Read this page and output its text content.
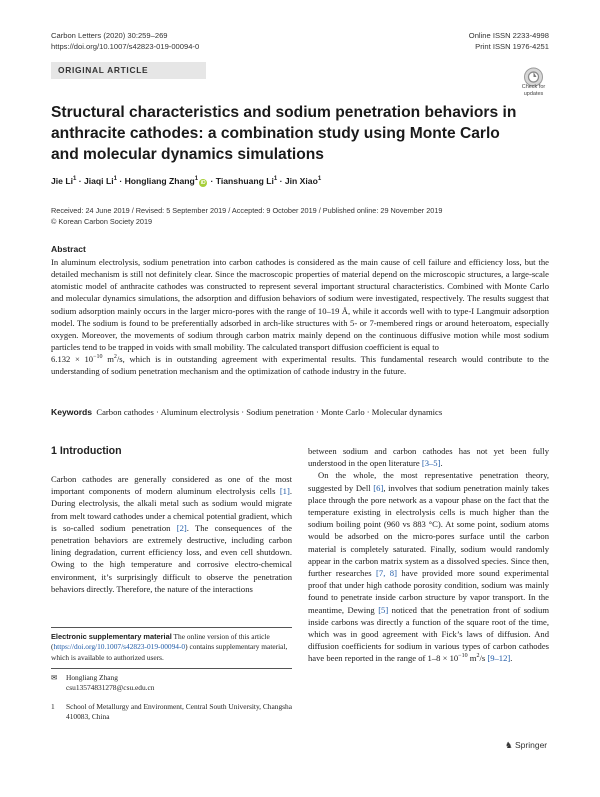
Carbon Letters (2020) 30:259–269
https://doi.org/10.1007/s42823-019-00094-0
Online ISSN 2233-4998
Print ISSN 1976-4251
ORIGINAL ARTICLE
Check for updates
Structural characteristics and sodium penetration behaviors in anthracite cathodes: a combination study using Monte Carlo and molecular dynamics simulations
Jie $Li^1$ · Jiaqi $Li^1$ · Hongliang Zhang$^1$iD · Tianshuang $Li^1$ · Jin Xiao$^1$
Received: 24 June 2019 / Revised: 5 September 2019 / Accepted: 9 October 2019 / Published online: 29 November 2019
© Korean Carbon Society 2019
Abstract
In aluminum electrolysis, sodium penetration into carbon cathodes is considered as the main cause of cell failure and efficiency loss, but the detailed mechanism is still not definitely clear. Since the macroscopic properties of material depend on the microscopic structures, a large-scale atomistic model of anthracite cathodes was constructed to represent several important structural characteristics. Combined with Monte Carlo and molecular dynamics simulations, the adsorption and diffusion behaviors of sodium were investigated, respectively. The results suggest that sodium adsorption mainly occurs in the larger micro-pores with the range of 10–19 Å, while it accords well with to type-I Langmuir adsorption model. The sodium is found to be preferentially adsorbed in arch-like structures with 5- or 7-membered rings or around heteroatom, especially oxygen. Moreover, the movements of sodium through carbon matrix mainly depend on the continuous diffusive motion while most sodium particles tend to be trapped in voids with small mobility. The calculated transport diffusion coefficient is equal to
$6.132 \times 10^{-10}$ $m^2/s$, which is in outstanding agreement with experimental results. This fundamental research would contribute to the understanding of sodium penetration mechanism and the optimization of cathode industry in the future.
Keywords Carbon cathodes · Aluminum electrolysis · Sodium penetration · Monte Carlo · Molecular dynamics
1 Introduction

Carbon cathodes are generally considered as one of the most important components of modern aluminum electrolysis cells [1]. During electrolysis, the alkali metal such as sodium would migrate from melt toward cathodes under a chemical potential gradient, which is so-called sodium penetration [2]. The consequences of the penetration behaviors are extremely destructive, including carbon lining degradation, current efficiency loss, and even cell shutdown. Owing to the high temperature and corrosive electro-chemical environment, it’s surprisingly difficult to observe the penetration behaviors directly. Therefore, the nature of the interactions

between sodium and carbon cathodes has not yet been fully understood in the open literature [3–5].

On the whole, the most representative penetration theory, suggested by Dell [6], involves that sodium penetration mainly takes place through the pore network as a vapour phase on the fact that the temperature existing in electrolysis cells is much higher than the sodium boiling point (960 vs 883 °C). At some point, sodium atoms would be adsorbed on the micro-pores surface until the carbon material is completely saturated. Finally, sodium would randomly appear in the carbon matrix system as a dissolved species. Since then, further researches [7, 8] have provided more sound experimental proof that under high cathode porosity condition, sodium was mainly found to penetrate inside carbon structure by vapor transport. In the meantime, Dewing [5] noticed that the penetration front of sodium inside carbons was directly a function of the square root of the time, which was in good agreement with Fick’s laws of diffusion. And diffusion coefficients for sodium in various types of carbon cathodes have been reported in the range of $1-8 \times 10^{-10}$ $m^2/s$ [9–12].

Electronic supplementary material The online version of this article (https://doi.org/10.1007/s42823-019-00094-0) contains supplementary material, which is available to authorized users.
✉	Hongliang Zhang
csu13574831278@csu.edu.cn
1	School of Metallurgy and Environment, Central South University, Changsha 410083, China
♞ Springer
